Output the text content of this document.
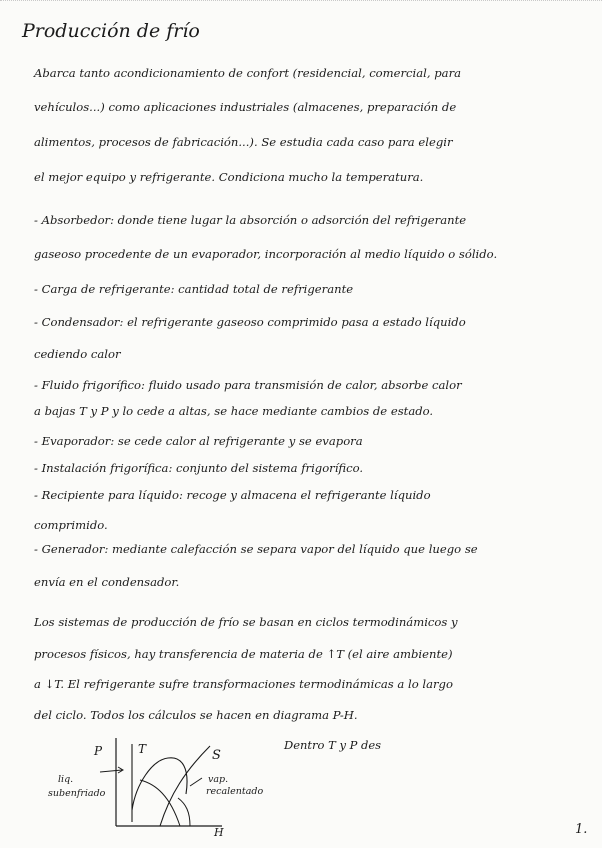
Producción de frío
Abarca tanto acondicionamiento de confort (residencial, comercial, para
vehículos...) como aplicaciones industriales (almacenes, preparación de
alimentos, procesos de fabricación...). Se estudia cada caso para elegir
el mejor equipo y refrigerante. Condiciona mucho la temperatura.
- Absorbedor: donde tiene lugar la absorción o adsorción del refrigerante
gaseoso procedente de un evaporador, incorporación al medio líquido o sólido.
- Carga de refrigerante: cantidad total de refrigerante
- Condensador: el refrigerante gaseoso comprimido pasa a estado líquido
cediendo calor
- Fluido frigorífico: fluido usado para transmisión de calor, absorbe calor
a bajas T y P y lo cede a altas, se hace mediante cambios de estado.
- Evaporador: se cede calor al refrigerante y se evapora
- Instalación frigorífica: conjunto del sistema frigorífico.
- Recipiente para líquido: recoge y almacena el refrigerante líquido
comprimido.
- Generador: mediante calefacción se separa vapor del líquido que luego se
envía en el condensador.
Los sistemas de producción de frío se basan en ciclos termodinámicos y
procesos físicos, hay transferencia de materia de ↑T (el aire ambiente)
a ↓T. El refrigerante sufre transformaciones termodinámicas a lo largo
del ciclo. Todos los cálculos se hacen en diagrama P-H.
P	T	S
H
liq.
subenfriado
vap.
recalentado
Dentro T y P des
1.
